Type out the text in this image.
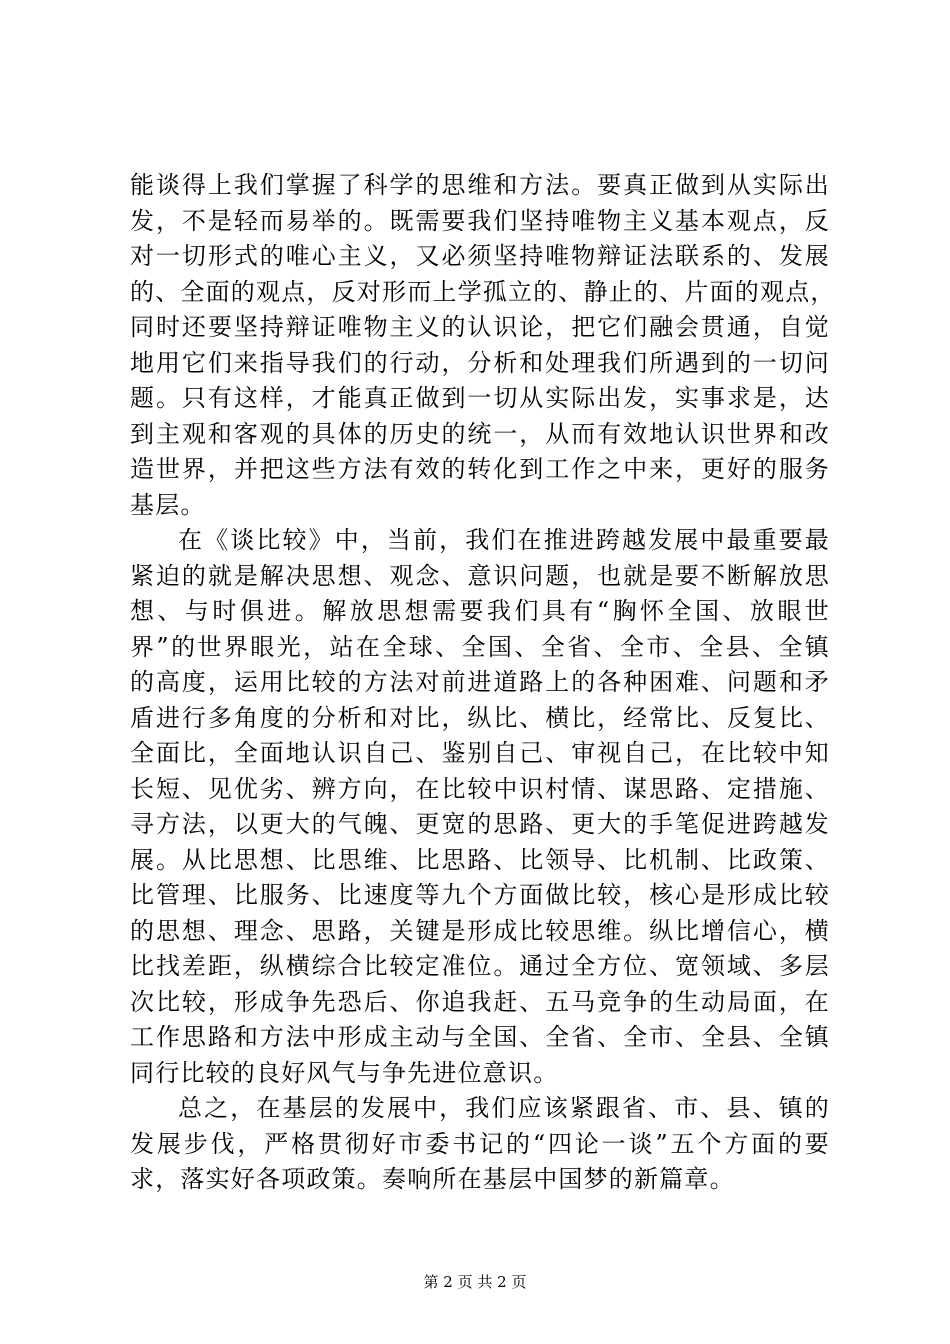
能谈得上我们掌握了科学的思维和方法。要真正做到从实际出
发，不是轻而易举的。既需要我们坚持唯物主义基本观点，反
对一切形式的唯心主义，又必须坚持唯物辩证法联系的、发展
的、全面的观点，反对形而上学孤立的、静止的、片面的观点，
同时还要坚持辩证唯物主义的认识论，把它们融会贯通，自觉
地用它们来指导我们的行动，分析和处理我们所遇到的一切问
题。只有这样，才能真正做到一切从实际出发，实事求是，达
到主观和客观的具体的历史的统一，从而有效地认识世界和改
造世界，并把这些方法有效的转化到工作之中来，更好的服务
基层。
在《谈比较》中，当前，我们在推进跨越发展中最重要最
紧迫的就是解决思想、观念、意识问题，也就是要不断解放思
想、与时俱进。解放思想需要我们具有“胸怀全国、放眼世
界”的世界眼光，站在全球、全国、全省、全市、全县、全镇
的高度，运用比较的方法对前进道路上的各种困难、问题和矛
盾进行多角度的分析和对比，纵比、横比，经常比、反复比、
全面比，全面地认识自己、鉴别自己、审视自己，在比较中知
长短、见优劣、辨方向，在比较中识村情、谋思路、定措施、
寻方法，以更大的气魄、更宽的思路、更大的手笔促进跨越发
展。从比思想、比思维、比思路、比领导、比机制、比政策、
比管理、比服务、比速度等九个方面做比较，核心是形成比较
的思想、理念、思路，关键是形成比较思维。纵比增信心，横
比找差距，纵横综合比较定准位。通过全方位、宽领域、多层
次比较，形成争先恐后、你追我赶、五马竞争的生动局面，在
工作思路和方法中形成主动与全国、全省、全市、全县、全镇
同行比较的良好风气与争先进位意识。
总之，在基层的发展中，我们应该紧跟省、市、县、镇的
发展步伐，严格贯彻好市委书记的“四论一谈”五个方面的要
求，落实好各项政策。奏响所在基层中国梦的新篇章。
第 2 页 共 2 页
